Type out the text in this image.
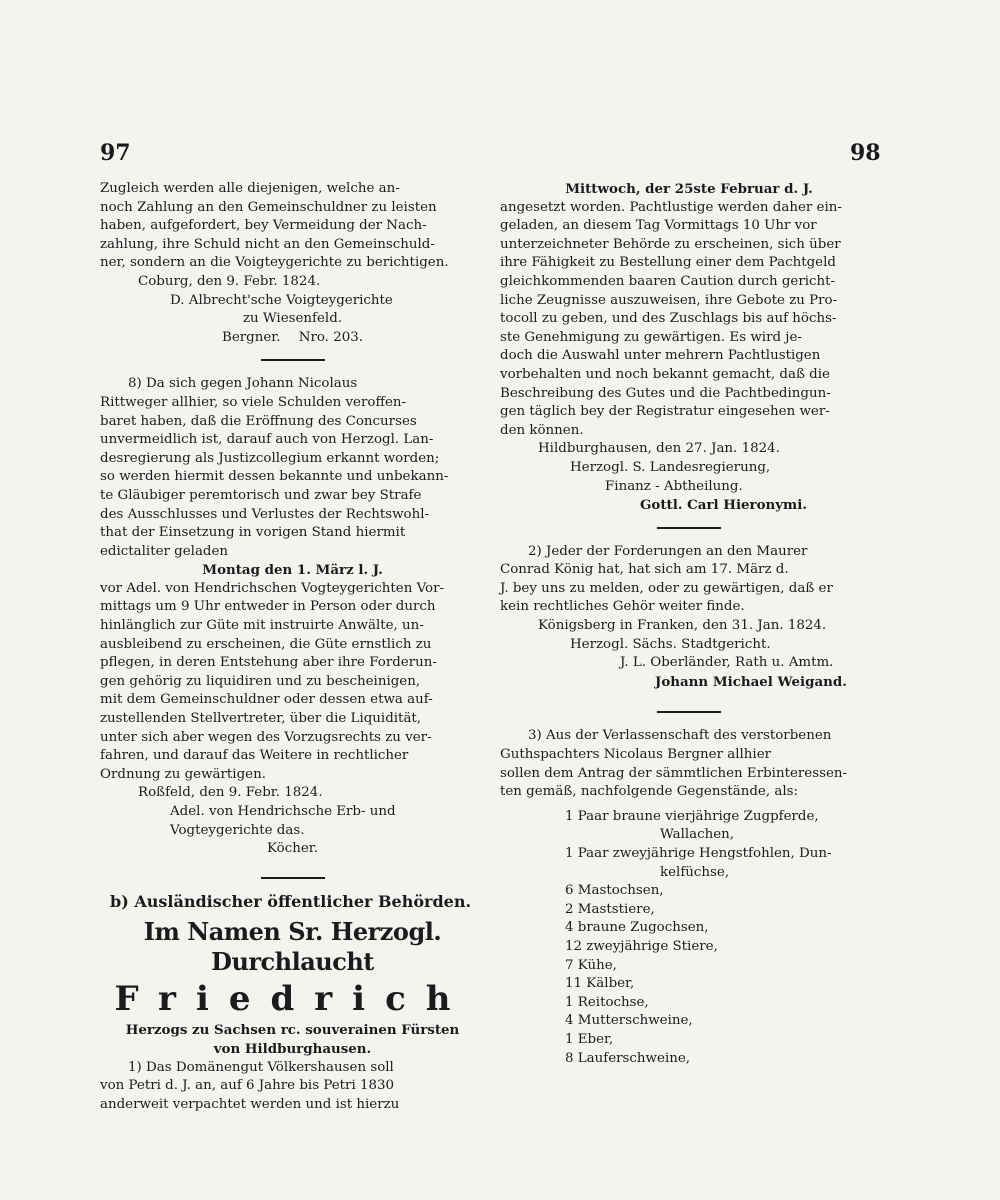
97	98

Zugleich werden alle diejenigen, welche an-

noch Zahlung an den Gemeinschuldner zu leisten

haben, aufgefordert, bey Vermeidung der Nach-

zahlung, ihre Schuld nicht an den Gemeinschuld-

ner, sondern an die Voigteygerichte zu berichtigen.

Coburg, den 9. Febr. 1824.

D. Albrecht'sche Voigteygerichte

zu Wiesenfeld.

Bergner. Nro. 203.

8) Da sich gegen Johann Nicolaus

Rittweger allhier, so viele Schulden veroffen-

baret haben, daß die Eröffnung des Concurses

unvermeidlich ist, darauf auch von Herzogl. Lan-

desregierung als Justizcollegium erkannt worden;

so werden hiermit dessen bekannte und unbekann-

te Gläubiger peremtorisch und zwar bey Strafe

des Ausschlusses und Verlustes der Rechtswohl-

that der Einsetzung in vorigen Stand hiermit

edictaliter geladen

Montag den 1. März l. J.

vor Adel. von Hendrichschen Vogteygerichten Vor-

mittags um 9 Uhr entweder in Person oder durch

hinlänglich zur Güte mit instruirte Anwälte, un-

ausbleibend zu erscheinen, die Güte ernstlich zu

pflegen, in deren Entstehung aber ihre Forderun-

gen gehörig zu liquidiren und zu bescheinigen,

mit dem Gemeinschuldner oder dessen etwa auf-

zustellenden Stellvertreter, über die Liquidität,

unter sich aber wegen des Vorzugsrechts zu ver-

fahren, und darauf das Weitere in rechtlicher

Ordnung zu gewärtigen.

Roßfeld, den 9. Febr. 1824.

Adel. von Hendrichsche Erb- und

Vogteygerichte das.

Köcher.

b) Ausländischer öffentlicher Behörden.

Im Namen Sr. Herzogl. Durchlaucht

Friedrich

Herzogs zu Sachsen rc. souverainen Fürsten

von Hildburghausen.

1) Das Domänengut Völkershausen soll

von Petri d. J. an, auf 6 Jahre bis Petri 1830

anderweit verpachtet werden und ist hierzu

Mittwoch, der 25ste Februar d. J.

angesetzt worden. Pachtlustige werden daher ein-

geladen, an diesem Tag Vormittags 10 Uhr vor

unterzeichneter Behörde zu erscheinen, sich über

ihre Fähigkeit zu Bestellung einer dem Pachtgeld

gleichkommenden baaren Caution durch gericht-

liche Zeugnisse auszuweisen, ihre Gebote zu Pro-

tocoll zu geben, und des Zuschlags bis auf höchs-

ste Genehmigung zu gewärtigen. Es wird je-

doch die Auswahl unter mehrern Pachtlustigen

vorbehalten und noch bekannt gemacht, daß die

Beschreibung des Gutes und die Pachtbedingun-

gen täglich bey der Registratur eingesehen wer-

den können.

Hildburghausen, den 27. Jan. 1824.

Herzogl. S. Landesregierung,

Finanz - Abtheilung.

Gottl. Carl Hieronymi.

2) Jeder der Forderungen an den Maurer

Conrad König hat, hat sich am 17. März d.

J. bey uns zu melden, oder zu gewärtigen, daß er

kein rechtliches Gehör weiter finde.

Königsberg in Franken, den 31. Jan. 1824.

Herzogl. Sächs. Stadtgericht.

J. L. Oberländer, Rath u. Amtm.

Johann Michael Weigand.

3) Aus der Verlassenschaft des verstorbenen

Guthspachters Nicolaus Bergner allhier

sollen dem Antrag der sämmtlichen Erbinteressen-

ten gemäß, nachfolgende Gegenstände, als:

1 Paar braune vierjährige Zugpferde,

Wallachen,

1 Paar zweyjährige Hengstfohlen, Dun-

kelfüchse,

6 Mastochsen,

2 Maststiere,

4 braune Zugochsen,

12 zweyjährige Stiere,

7 Kühe,

11 Kälber,

1 Reitochse,

4 Mutterschweine,

1 Eber,

8 Lauferschweine,
